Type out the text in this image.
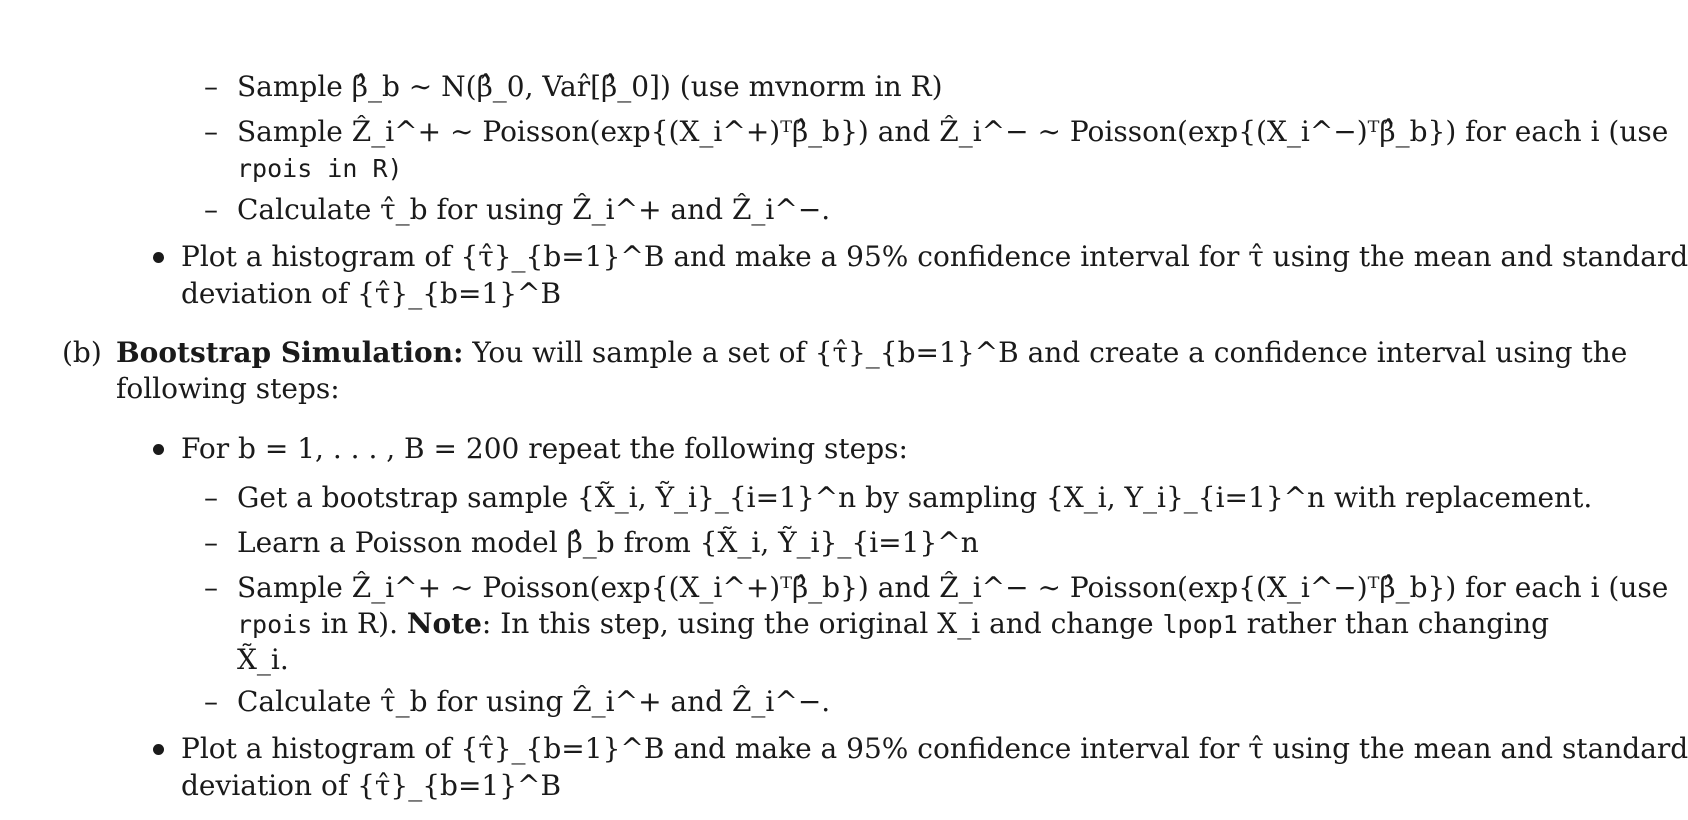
– Sample β̂_b ∼ N(β̂_0, Var̂[β̂_0]) (use mvnorm in R)
– Sample Ẑ_i^+ ∼ Poisson(exp{(X_i^+)ᵀβ̂_b}) and Ẑ_i^− ∼ Poisson(exp{(X_i^−)ᵀβ̂_b}) for each i (use
rpois in R)
– Calculate τ̂_b for using Ẑ_i^+ and Ẑ_i^−.
Plot a histogram of {τ̂}_{b=1}^B and make a 95% confidence interval for τ̂ using the mean and standard
deviation of {τ̂}_{b=1}^B
(b) Bootstrap Simulation: You will sample a set of {τ̂}_{b=1}^B and create a confidence interval using the
following steps:
For b = 1, . . . , B = 200 repeat the following steps:
– Get a bootstrap sample {X̃_i, Ỹ_i}_{i=1}^n by sampling {X_i, Y_i}_{i=1}^n with replacement.
– Learn a Poisson model β̂_b from {X̃_i, Ỹ_i}_{i=1}^n
– Sample Ẑ_i^+ ∼ Poisson(exp{(X_i^+)ᵀβ̂_b}) and Ẑ_i^− ∼ Poisson(exp{(X_i^−)ᵀβ̂_b}) for each i (use
rpois in R). Note: In this step, using the original X_i and change lpop1 rather than changing
X̃_i.
– Calculate τ̂_b for using Ẑ_i^+ and Ẑ_i^−.
Plot a histogram of {τ̂}_{b=1}^B and make a 95% confidence interval for τ̂ using the mean and standard
deviation of {τ̂}_{b=1}^B
